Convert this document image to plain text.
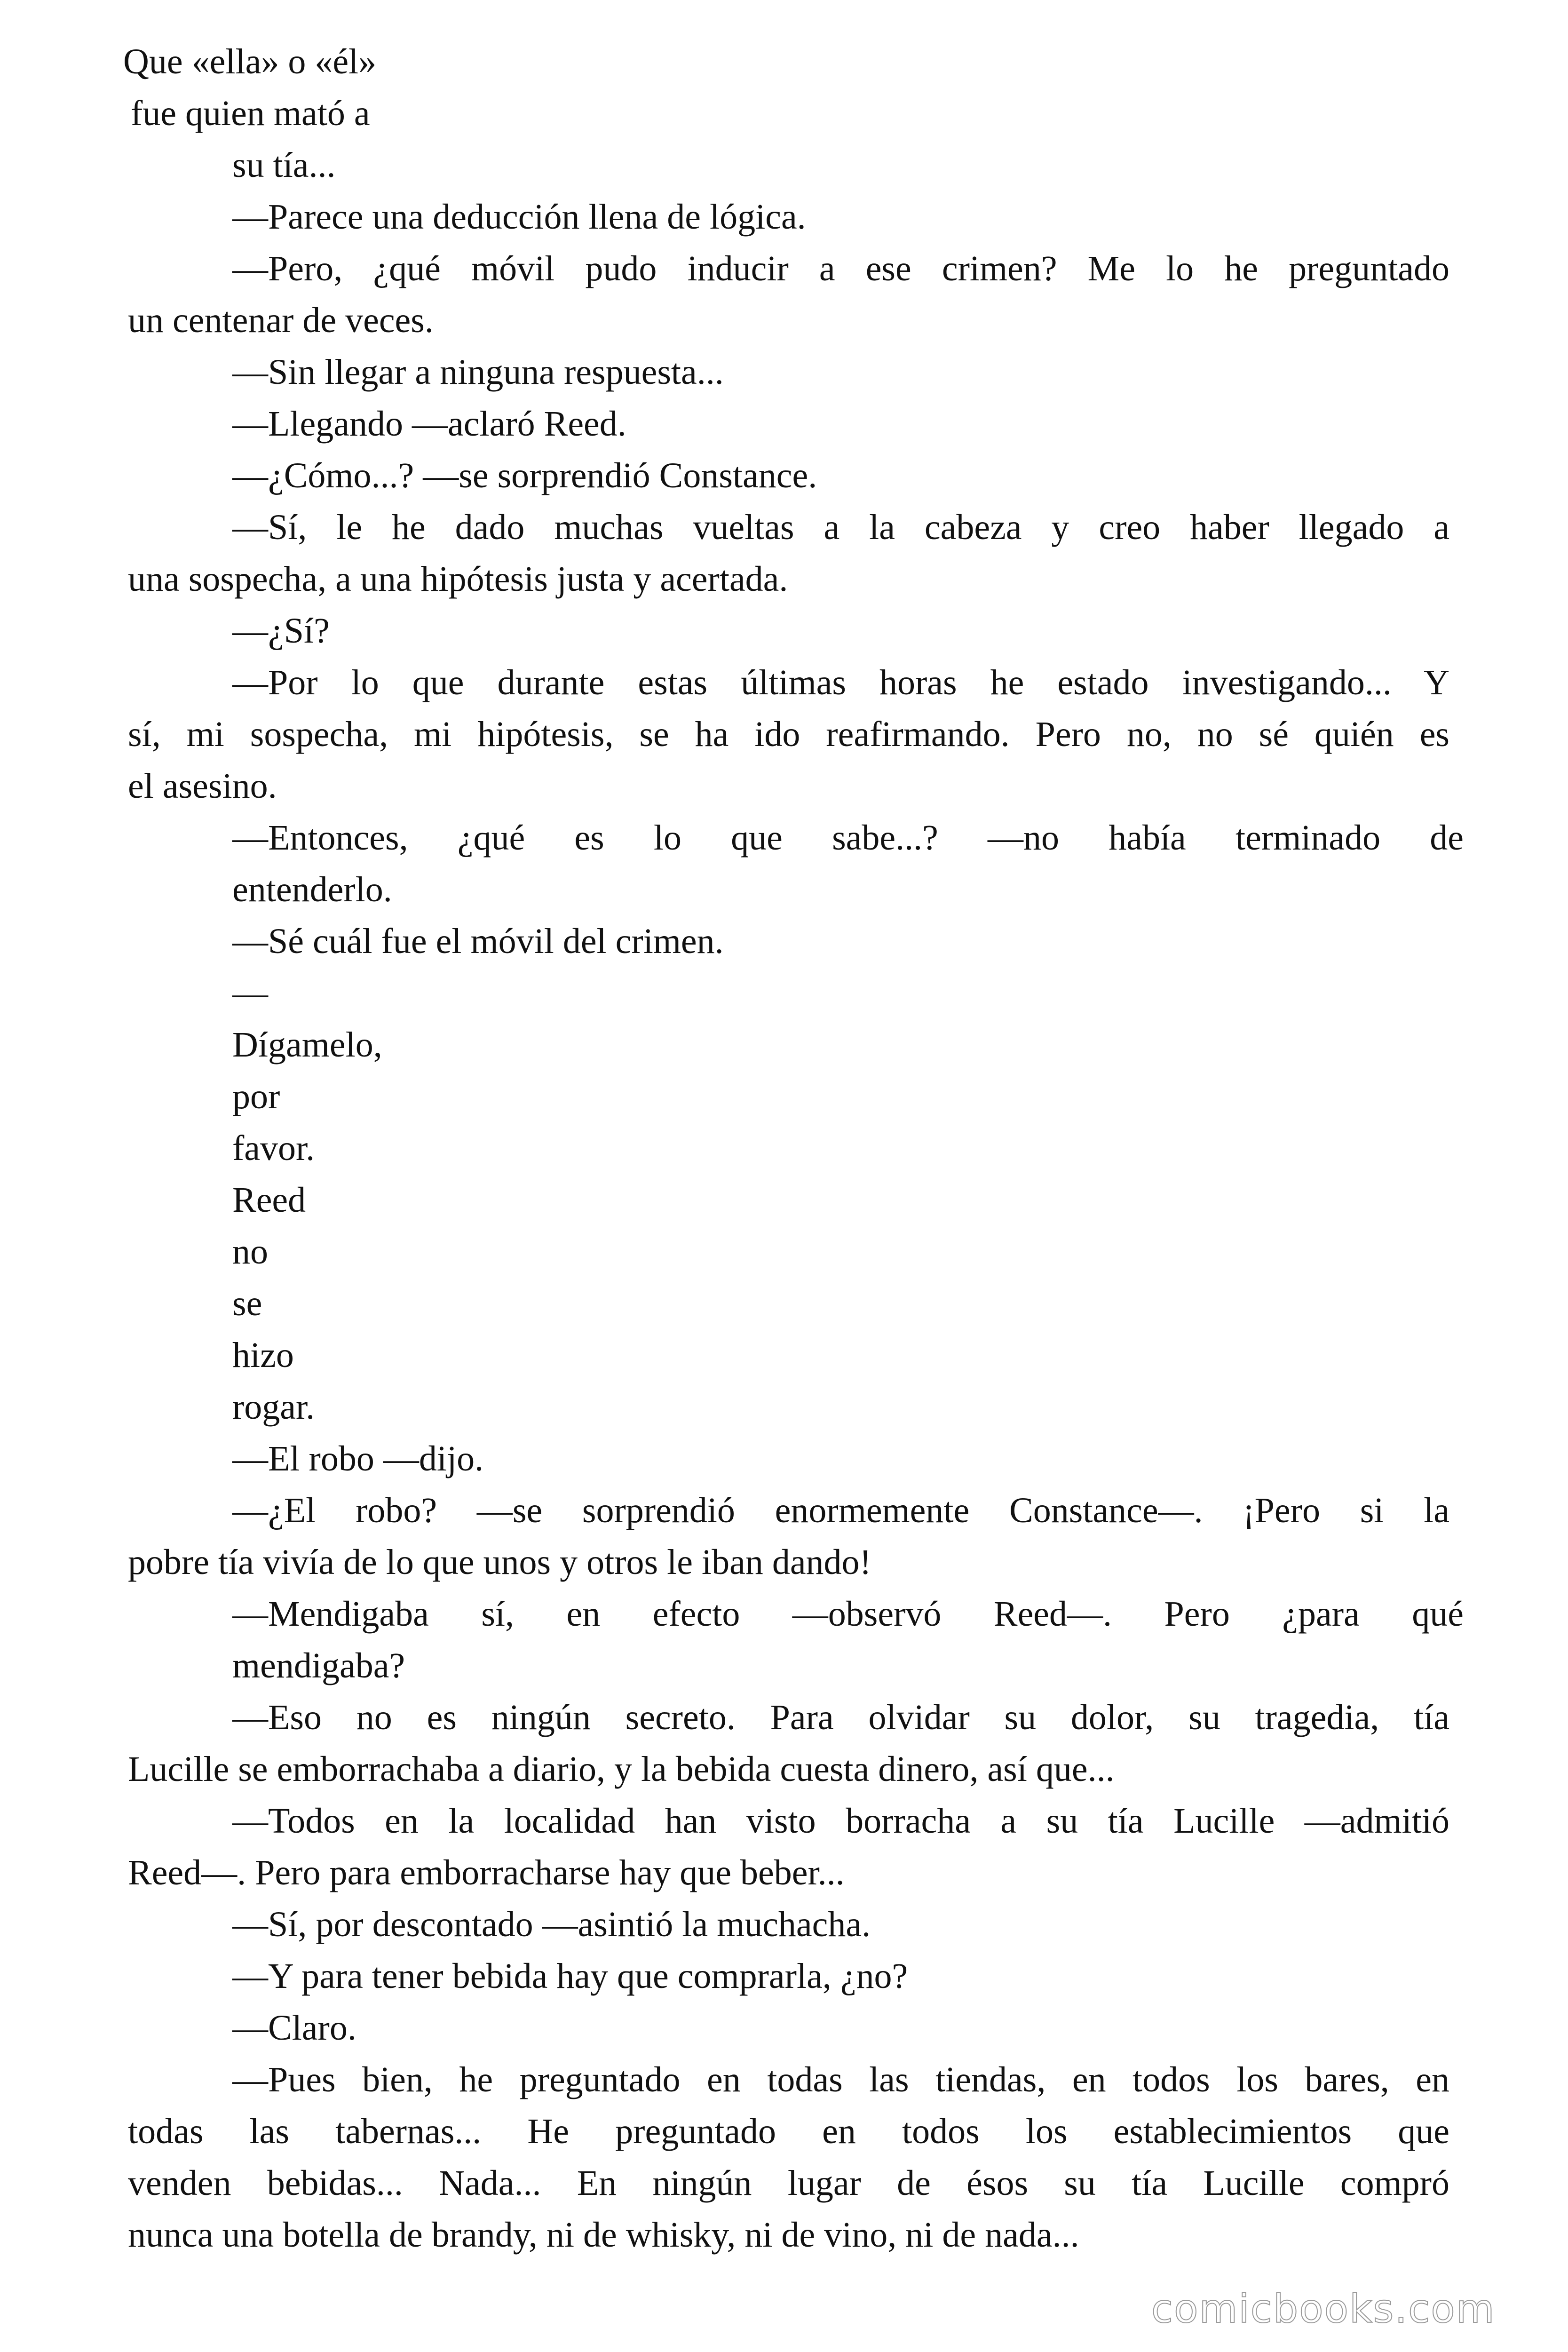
Que «ella» o «él»

fue quien mató a

su tía...

—Parece una deducción llena de lógica.

—Pero, ¿qué móvil pudo inducir a ese crimen? Me lo he preguntado

un centenar de veces.

—Sin llegar a ninguna respuesta...

—Llegando —aclaró Reed.

—¿Cómo...? —se sorprendió Constance.

—Sí, le he dado muchas vueltas a la cabeza y creo haber llegado a

una sospecha, a una hipótesis justa y acertada.

—¿Sí?

—Por lo que durante estas últimas horas he estado investigando... Y

sí, mi sospecha, mi hipótesis, se ha ido reafirmando. Pero no, no sé quién es

el asesino.

—Entonces, ¿qué es lo que sabe...? —no había terminado de

entenderlo.

—Sé cuál fue el móvil del crimen.

—

Dígamelo,

por

favor.

Reed

no

se

hizo

rogar.

—El robo —dijo.

—¿El robo? —se sorprendió enormemente Constance—. ¡Pero si la

pobre tía vivía de lo que unos y otros le iban dando!

—Mendigaba sí, en efecto —observó Reed—. Pero ¿para qué

mendigaba?

—Eso no es ningún secreto. Para olvidar su dolor, su tragedia, tía

Lucille se emborrachaba a diario, y la bebida cuesta dinero, así que...

—Todos en la localidad han visto borracha a su tía Lucille —admitió

Reed—. Pero para emborracharse hay que beber...

—Sí, por descontado —asintió la muchacha.

—Y para tener bebida hay que comprarla, ¿no?

—Claro.

—Pues bien, he preguntado en todas las tiendas, en todos los bares, en

todas las tabernas... He preguntado en todos los establecimientos que

venden bebidas... Nada... En ningún lugar de ésos su tía Lucille compró

nunca una botella de brandy, ni de whisky, ni de vino, ni de nada...

comicbooks.com
